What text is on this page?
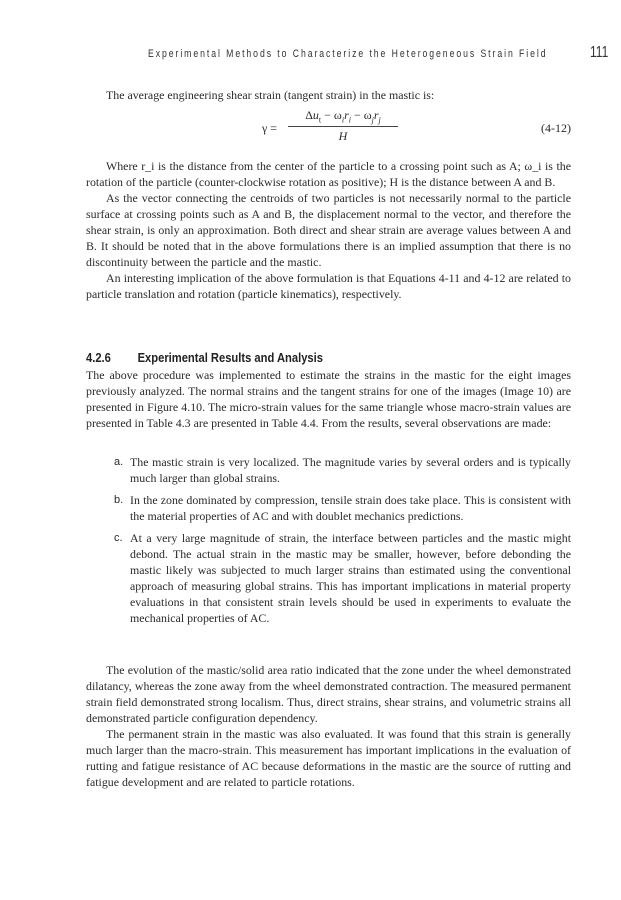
Experimental Methods to Characterize the Heterogeneous Strain Field	111

The average engineering shear strain (tangent strain) in the mastic is:

γ =
$\Delta u_t - \omega_ir_i - \omega_jr_j$
H
(4-12)

Where r_i is the distance from the center of the particle to a crossing point such as A; ω_i is the rotation of the particle (counter-clockwise rotation as positive); H is the distance between A and B.

As the vector connecting the centroids of two particles is not necessarily normal to the particle surface at crossing points such as A and B, the displacement normal to the vector, and therefore the shear strain, is only an approximation. Both direct and shear strain are average values between A and B. It should be noted that in the above formulations there is an implied assumption that there is no discontinuity between the particle and the mastic.

An interesting implication of the above formulation is that Equations 4-11 and 4-12 are related to particle translation and rotation (particle kinematics), respectively.

4.2.6 Experimental Results and Analysis

The above procedure was implemented to estimate the strains in the mastic for the eight images previously analyzed. The normal strains and the tangent strains for one of the images (Image 10) are presented in Figure 4.10. The micro-strain values for the same triangle whose macro-strain values are presented in Table 4.3 are presented in Table 4.4. From the results, several observations are made:

a. The mastic strain is very localized. The magnitude varies by several orders and is typically much larger than global strains.
b. In the zone dominated by compression, tensile strain does take place. This is consistent with the material properties of AC and with doublet mechanics predictions.
c. At a very large magnitude of strain, the interface between particles and the mastic might debond. The actual strain in the mastic may be smaller, however, before debonding the mastic likely was subjected to much larger strains than estimated using the conventional approach of measuring global strains. This has important implications in material property evaluations in that consistent strain levels should be used in experiments to evaluate the mechanical properties of AC.

The evolution of the mastic/solid area ratio indicated that the zone under the wheel demonstrated dilatancy, whereas the zone away from the wheel demonstrated contraction. The measured permanent strain field demonstrated strong localism. Thus, direct strains, shear strains, and volumetric strains all demonstrated particle configuration dependency.

The permanent strain in the mastic was also evaluated. It was found that this strain is generally much larger than the macro-strain. This measurement has important implications in the evaluation of rutting and fatigue resistance of AC because deformations in the mastic are the source of rutting and fatigue development and are related to particle rotations.
